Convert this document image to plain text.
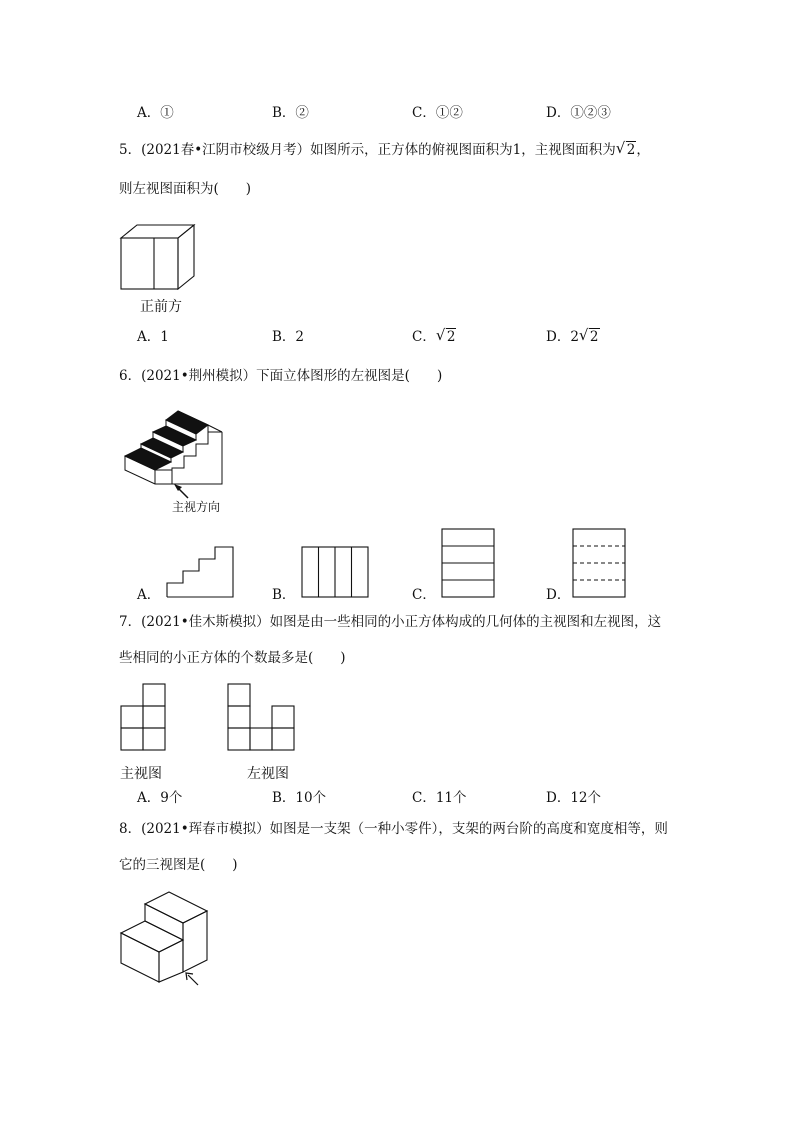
A．①	B．②	C．①②	D．①②③
5．(2021春•江阴市校级月考）如图所示，正方体的俯视图面积为1，主视图面积为 √ 2，
则左视图面积为(　　)
正前方
A．1	B．2	C． √ 2	D．2 √ 2
6．(2021•荆州模拟）下面立体图形的左视图是(　　)
主视方向
A．	B．	C．	D．
7．(2021•佳木斯模拟）如图是由一些相同的小正方体构成的几何体的主视图和左视图，这
些相同的小正方体的个数最多是(　　)
主视图	左视图
A．9个	B．10个	C．11个	D．12个
8．(2021•珲春市模拟）如图是一支架（一种小零件），支架的两台阶的高度和宽度相等，则
它的三视图是(　　)
